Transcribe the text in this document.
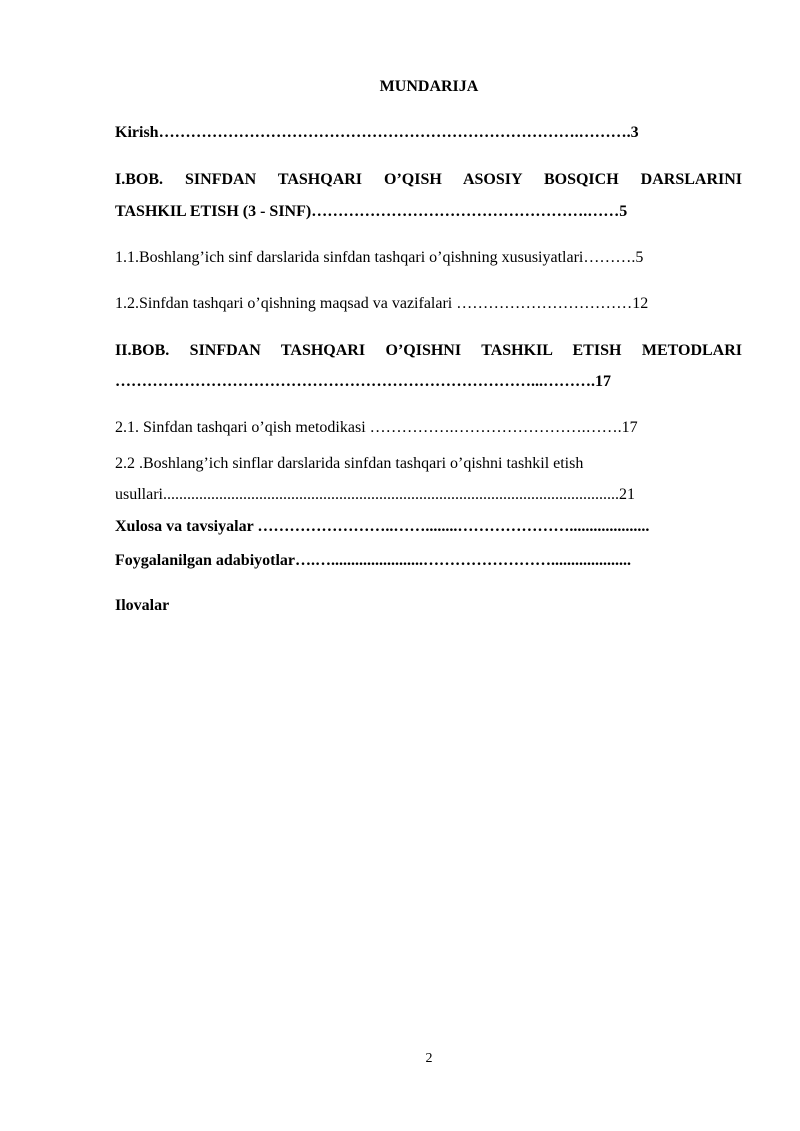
MUNDARIJA
Kirish…………………………………………………………………….……….3
I.BOB. SINFDAN TASHQARI O’QISH ASOSIY BOSQICH DARSLARINI
TASHKIL ETISH (3 - SINF)…………………………………………….……5
1.1.Boshlang’ich sinf darslarida sinfdan tashqari o’qishning xususiyatlari……….5
1.2.Sinfdan tashqari o’qishning maqsad va vazifalari ……………………………12
II.BOB. SINFDAN TASHQARI O’QISHNI TASHKIL ETISH METODLARI
……………………………………………………………………...……….17
2.1. Sinfdan tashqari o’qish metodikasi …………….…………………….…….17
2.2 .Boshlang’ich sinflar darslarida sinfdan tashqari o’qishni tashkil etish
usullari..................................................................................................................21
Xulosa va tavsiyalar ……………………..……........…………………....................
Foygalanilgan adabiyotlar….….......................……………………....................
Ilovalar
2
